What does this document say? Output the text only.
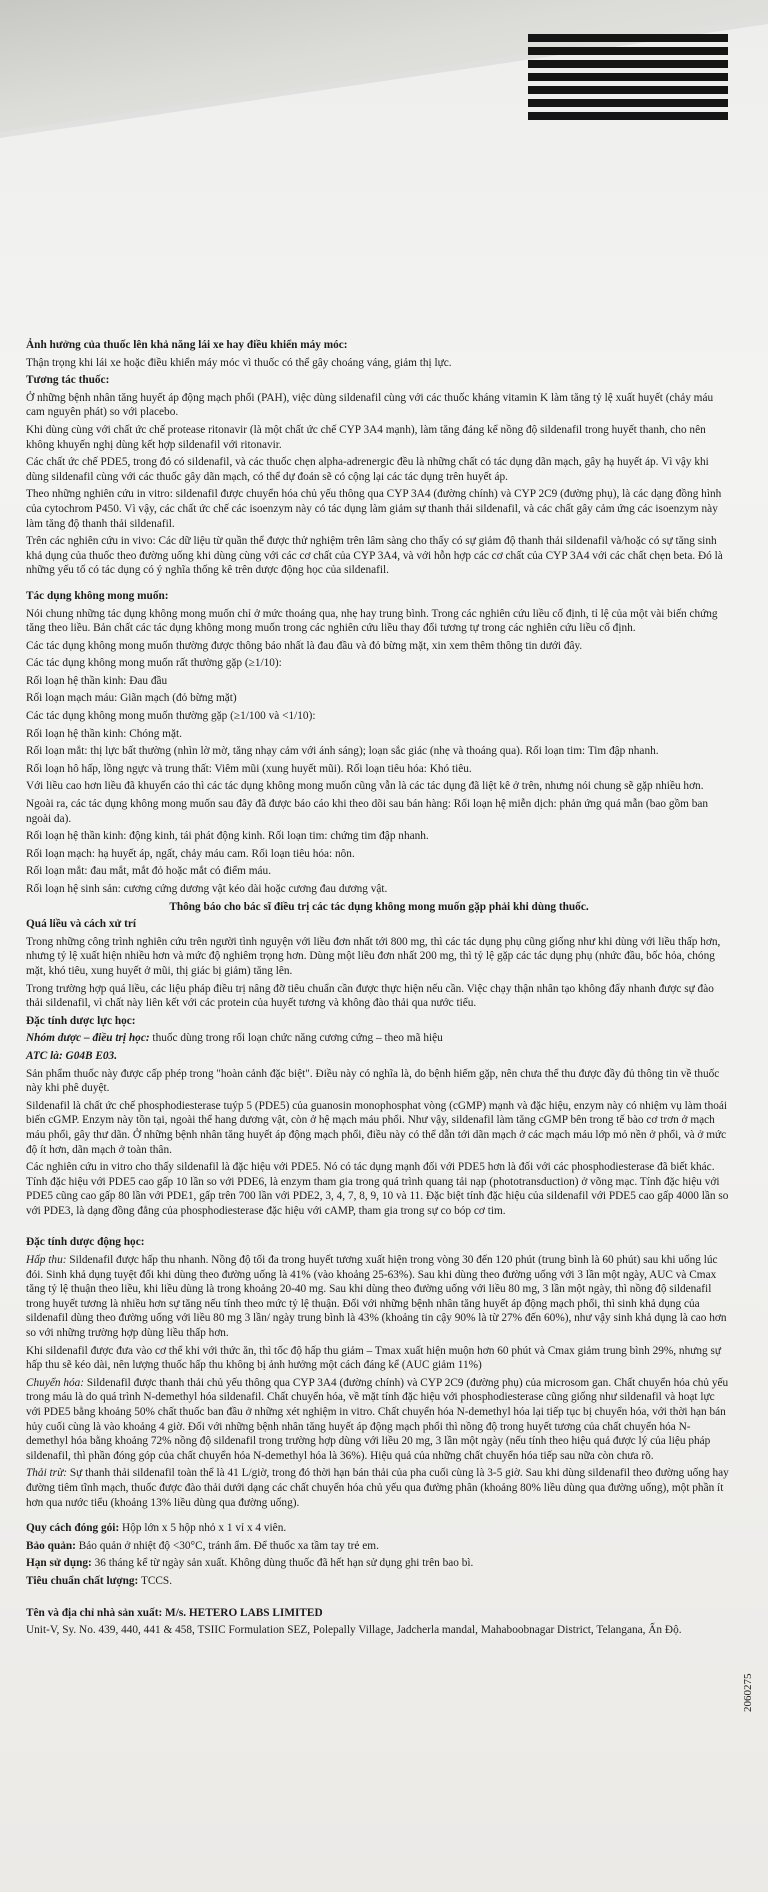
Ảnh hưởng của thuốc lên khả năng lái xe hay điều khiển máy móc:

Thận trọng khi lái xe hoặc điều khiển máy móc vì thuốc có thể gây choáng váng, giảm thị lực.

Tương tác thuốc:

Ở những bệnh nhân tăng huyết áp động mạch phổi (PAH), việc dùng sildenafil cùng với các thuốc kháng vitamin K làm tăng tỷ lệ xuất huyết (chảy máu cam nguyên phát) so với placebo.

Khi dùng cùng với chất ức chế protease ritonavir (là một chất ức chế CYP 3A4 mạnh), làm tăng đáng kể nồng độ sildenafil trong huyết thanh, cho nên không khuyến nghị dùng kết hợp sildenafil với ritonavir.

Các chất ức chế PDE5, trong đó có sildenafil, và các thuốc chẹn alpha-adrenergic đều là những chất có tác dụng dãn mạch, gây hạ huyết áp. Vì vậy khi dùng sildenafil cùng với các thuốc gây dãn mạch, có thể dự đoán sẽ có cộng lại các tác dụng trên huyết áp.

Theo những nghiên cứu in vitro: sildenafil được chuyển hóa chủ yếu thông qua CYP 3A4 (đường chính) và CYP 2C9 (đường phụ), là các dạng đồng hình của cytochrom P450. Vì vậy, các chất ức chế các isoenzym này có tác dụng làm giảm sự thanh thải sildenafil, và các chất gây cảm ứng các isoenzym này làm tăng độ thanh thải sildenafil.

Trên các nghiên cứu in vivo: Các dữ liệu từ quần thể được thử nghiệm trên lâm sàng cho thấy có sự giảm độ thanh thải sildenafil và/hoặc có sự tăng sinh khả dụng của thuốc theo đường uống khi dùng cùng với các cơ chất của CYP 3A4, và với hỗn hợp các cơ chất của CYP 3A4 với các chất chẹn beta. Đó là những yếu tố có tác dụng có ý nghĩa thống kê trên dược động học của sildenafil.

Tác dụng không mong muốn:

Nói chung những tác dụng không mong muốn chỉ ở mức thoáng qua, nhẹ hay trung bình. Trong các nghiên cứu liều cố định, tỉ lệ của một vài biến chứng tăng theo liều. Bản chất các tác dụng không mong muốn trong các nghiên cứu liều thay đổi tương tự trong các nghiên cứu liều cố định.

Các tác dụng không mong muốn thường được thông báo nhất là đau đầu và đỏ bừng mặt, xin xem thêm thông tin dưới đây.

Các tác dụng không mong muốn rất thường gặp (≥1/10):

Rối loạn hệ thần kinh: Đau đầu

Rối loạn mạch máu: Giãn mạch (đỏ bừng mặt)

Các tác dụng không mong muốn thường gặp (≥1/100 và <1/10):

Rối loạn hệ thần kinh: Chóng mặt.

Rối loạn mắt: thị lực bất thường (nhìn lờ mờ, tăng nhạy cảm với ánh sáng); loạn sắc giác (nhẹ và thoáng qua). Rối loạn tim: Tim đập nhanh.

Rối loạn hô hấp, lồng ngực và trung thất: Viêm mũi (xung huyết mũi). Rối loạn tiêu hóa: Khó tiêu.

Với liều cao hơn liều đã khuyến cáo thì các tác dụng không mong muốn cũng vẫn là các tác dụng đã liệt kê ở trên, nhưng nói chung sẽ gặp nhiều hơn.

Ngoài ra, các tác dụng không mong muốn sau đây đã được báo cáo khi theo dõi sau bán hàng: Rối loạn hệ miễn dịch: phản ứng quá mẫn (bao gồm ban ngoài da).

Rối loạn hệ thần kinh: động kinh, tái phát động kinh. Rối loạn tim: chứng tim đập nhanh.

Rối loạn mạch: hạ huyết áp, ngất, chảy máu cam. Rối loạn tiêu hóa: nôn.

Rối loạn mắt: đau mắt, mắt đỏ hoặc mắt có điểm máu.

Rối loạn hệ sinh sản: cương cứng dương vật kéo dài hoặc cương đau dương vật.

Thông báo cho bác sĩ điều trị các tác dụng không mong muốn gặp phải khi dùng thuốc.

Quá liều và cách xử trí

Trong những công trình nghiên cứu trên người tình nguyện với liều đơn nhất tới 800 mg, thì các tác dụng phụ cũng giống như khi dùng với liều thấp hơn, nhưng tỷ lệ xuất hiện nhiều hơn và mức độ nghiêm trọng hơn. Dùng một liều đơn nhất 200 mg, thì tỷ lệ gặp các tác dụng phụ (nhức đầu, bốc hỏa, chóng mặt, khó tiêu, xung huyết ở mũi, thị giác bị giảm) tăng lên.

Trong trường hợp quá liều, các liệu pháp điều trị nâng đỡ tiêu chuẩn cần được thực hiện nếu cần. Việc chạy thận nhân tạo không đẩy nhanh được sự đào thải sildenafil, vì chất này liên kết với các protein của huyết tương và không đào thải qua nước tiểu.

Đặc tính dược lực học:

Nhóm dược – điều trị học: thuốc dùng trong rối loạn chức năng cương cứng – theo mã hiệu

ATC là: G04B E03.

Sản phẩm thuốc này được cấp phép trong "hoàn cảnh đặc biệt". Điều này có nghĩa là, do bệnh hiếm gặp, nên chưa thể thu được đầy đủ thông tin về thuốc này khi phê duyệt.

Sildenafil là chất ức chế phosphodiesterase tuýp 5 (PDE5) của guanosin monophosphat vòng (cGMP) mạnh và đặc hiệu, enzym này có nhiệm vụ làm thoái biến cGMP. Enzym này tồn tại, ngoài thể hang dương vật, còn ở hệ mạch máu phổi. Như vậy, sildenafil làm tăng cGMP bên trong tế bào cơ trơn ở mạch máu phổi, gây thư dãn. Ở những bệnh nhân tăng huyết áp động mạch phổi, điều này có thể dẫn tới dãn mạch ở các mạch máu lớp mỏ nền ở phổi, và ở mức độ ít hơn, dãn mạch ở toàn thân.

Các nghiên cứu in vitro cho thấy sildenafil là đặc hiệu với PDE5. Nó có tác dụng mạnh đối với PDE5 hơn là đối với các phosphodiesterase đã biết khác. Tính đặc hiệu với PDE5 cao gấp 10 lần so với PDE6, là enzym tham gia trong quá trình quang tải nạp (phototransduction) ở võng mạc. Tính đặc hiệu với PDE5 cũng cao gấp 80 lần với PDE1, gấp trên 700 lần với PDE2, 3, 4, 7, 8, 9, 10 và 11. Đặc biệt tính đặc hiệu của sildenafil với PDE5 cao gấp 4000 lần so với PDE3, là dạng đồng đẳng của phosphodiesterase đặc hiệu với cAMP, tham gia trong sự co bóp cơ tim.

Đặc tính dược động học:

Hấp thu: Sildenafil được hấp thu nhanh. Nồng độ tối đa trong huyết tương xuất hiện trong vòng 30 đến 120 phút (trung bình là 60 phút) sau khi uống lúc đói. Sinh khả dụng tuyệt đối khi dùng theo đường uống là 41% (vào khoảng 25-63%). Sau khi dùng theo đường uống với 3 lần một ngày, AUC và Cmax tăng tỷ lệ thuận theo liều, khi liều dùng là trong khoảng 20-40 mg. Sau khi dùng theo đường uống với liều 80 mg, 3 lần một ngày, thì nồng độ sildenafil trong huyết tương là nhiều hơn sự tăng nếu tính theo mức tỷ lệ thuận. Đối với những bệnh nhân tăng huyết áp động mạch phổi, thì sinh khả dụng của sildenafil dùng theo đường uống với liều 80 mg 3 lần/ ngày trung bình là 43% (khoảng tin cậy 90% là từ 27% đến 60%), như vậy sinh khả dụng là cao hơn so với những trường hợp dùng liều thấp hơn.

Khi sildenafil được đưa vào cơ thể khi với thức ăn, thì tốc độ hấp thu giảm – Tmax xuất hiện muộn hơn 60 phút và Cmax giảm trung bình 29%, nhưng sự hấp thu sẽ kéo dài, nên lượng thuốc hấp thu không bị ảnh hưởng một cách đáng kể (AUC giảm 11%)

Chuyển hóa: Sildenafil được thanh thải chủ yếu thông qua CYP 3A4 (đường chính) và CYP 2C9 (đường phụ) của microsom gan. Chất chuyển hóa chủ yếu trong máu là do quá trình N-demethyl hóa sildenafil. Chất chuyển hóa, về mặt tính đặc hiệu với phosphodiesterase cũng giống như sildenafil và hoạt lực với PDE5 bằng khoảng 50% chất thuốc ban đầu ở những xét nghiệm in vitro. Chất chuyển hóa N-demethyl hóa lại tiếp tục bị chuyển hóa, với thời hạn bán hủy cuối cùng là vào khoảng 4 giờ. Đối với những bệnh nhân tăng huyết áp động mạch phổi thì nồng độ trong huyết tương của chất chuyển hóa N-demethyl hóa bằng khoảng 72% nồng độ sildenafil trong trường hợp dùng với liều 20 mg, 3 lần một ngày (nếu tính theo hiệu quả được lý của liệu pháp sildenafil, thì phần đóng góp của chất chuyển hóa N-demethyl hóa là 36%). Hiệu quả của những chất chuyển hóa tiếp sau nữa còn chưa rõ.

Thải trừ: Sự thanh thải sildenafil toàn thể là 41 L/giờ, trong đó thời hạn bán thải của pha cuối cùng là 3-5 giờ. Sau khi dùng sildenafil theo đường uống hay đường tiêm tĩnh mạch, thuốc được đào thải dưới dạng các chất chuyển hóa chủ yếu qua đường phân (khoảng 80% liều dùng qua đường uống), một phần ít hơn qua nước tiểu (khoảng 13% liều dùng qua đường uống).

Quy cách đóng gói: Hộp lớn x 5 hộp nhỏ x 1 vỉ x 4 viên.

Bảo quản: Bảo quản ở nhiệt độ <30°C, tránh ẩm. Để thuốc xa tầm tay trẻ em.

Hạn sử dụng: 36 tháng kể từ ngày sản xuất. Không dùng thuốc đã hết hạn sử dụng ghi trên bao bì.

Tiêu chuẩn chất lượng: TCCS.

Tên và địa chỉ nhà sản xuất: M/s. HETERO LABS LIMITED

Unit-V, Sy. No. 439, 440, 441 & 458, TSIIC Formulation SEZ, Polepally Village, Jadcherla mandal, Mahaboobnagar District, Telangana, Ấn Độ.

2060275
